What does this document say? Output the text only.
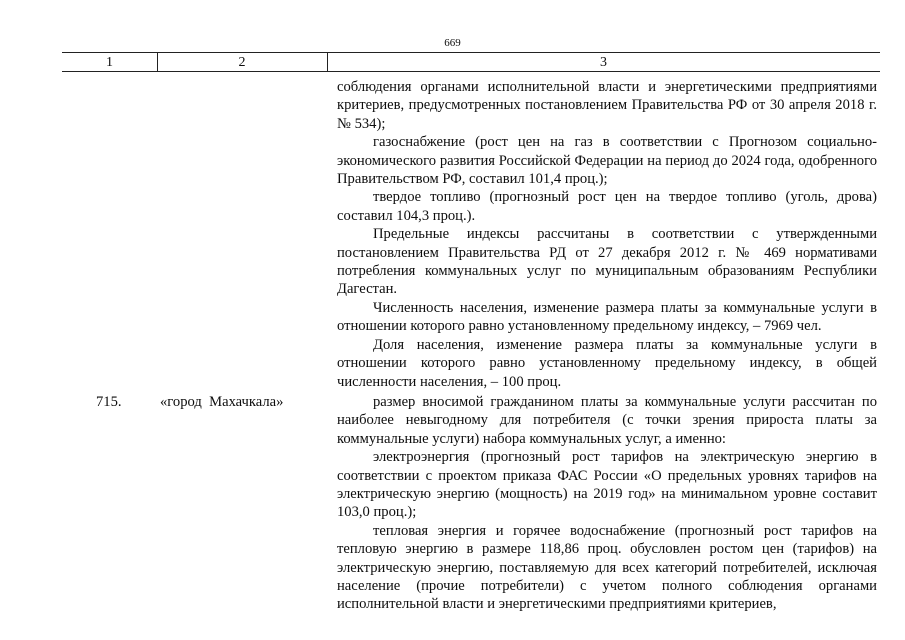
669
1	2	3

соблюдения органами исполнительной власти и энергетическими предприятиями критериев, предусмотренных постановлением Правительства РФ от 30 апреля 2018 г. № 534);

газоснабжение (рост цен на газ в соответствии с Прогнозом социально-экономического развития Российской Федерации на период до 2024 года, одобренного Правительством РФ, составил 101,4 проц.);

твердое топливо (прогнозный рост цен на твердое топливо (уголь, дрова) составил 104,3 проц.).

Предельные индексы рассчитаны в соответствии с утвержденными постановлением Правительства РД от 27 декабря 2012 г. № 469 нормативами потребления коммунальных услуг по муниципальным образованиям Республики Дагестан.

Численность населения, изменение размера платы за коммунальные услуги в отношении которого равно установленному предельному индексу, – 7969 чел.

Доля населения, изменение размера платы за коммунальные услуги в отношении которого равно установленному предельному индексу, в общей численности населения, – 100 проц.

715.	«город  Махачкала»	размер вносимой гражданином платы за коммунальные услуги рассчитан по наиболее невыгодному для потребителя (с точки зрения прироста платы за коммунальные услуги) набора коммунальных услуг, а именно:

электроэнергия (прогнозный рост тарифов на электрическую энергию в соответствии с проектом приказа ФАС России «О предельных уровнях тарифов на электрическую энергию (мощность) на 2019 год» на минимальном уровне составит 103,0 проц.);

тепловая энергия и горячее водоснабжение (прогнозный рост тарифов на тепловую энергию в размере 118,86 проц. обусловлен ростом цен (тарифов) на электрическую энергию, поставляемую для всех категорий потребителей, исключая население (прочие потребители) с учетом полного соблюдения органами исполнительной власти и энергетическими предприятиями критериев,
